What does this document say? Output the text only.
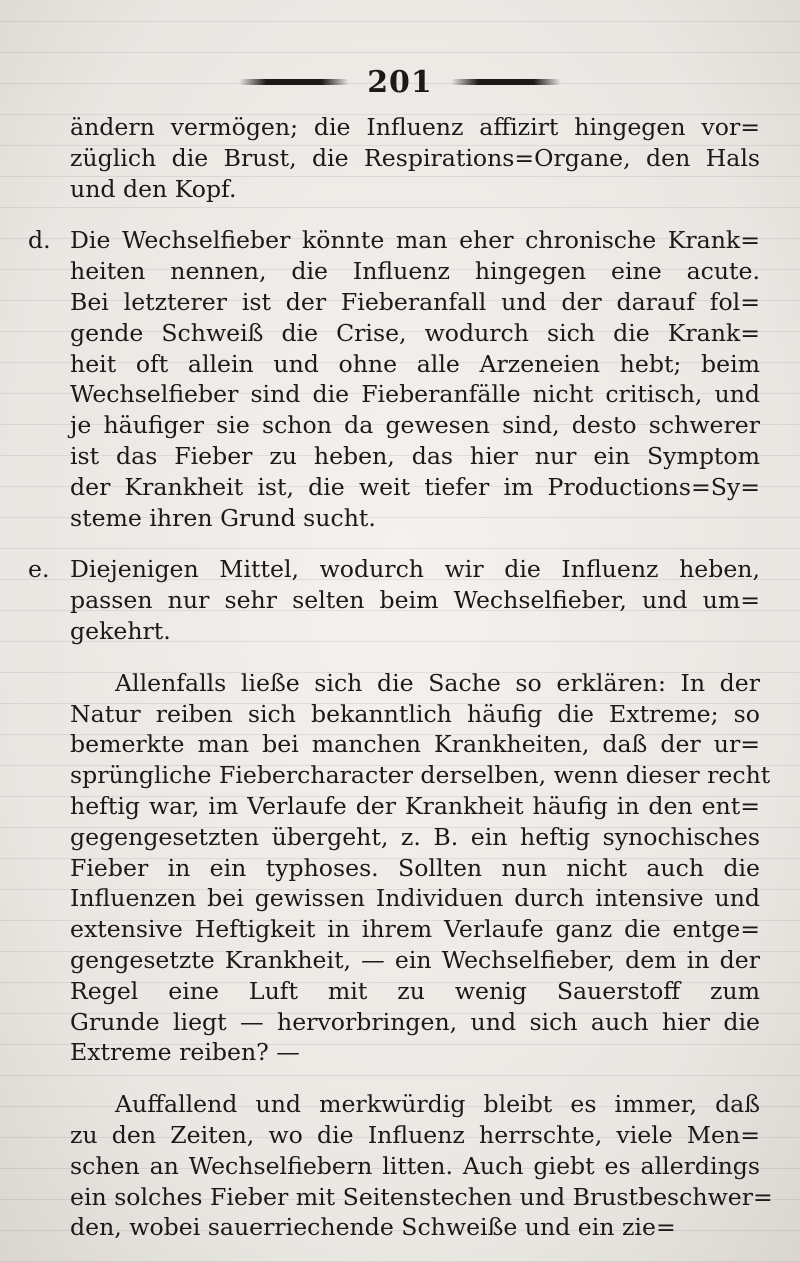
201
ändern vermögen; die Influenz affizirt hingegen vor=
züglich die Brust, die Respirations=Organe, den Hals
und den Kopf.
d. Die Wechselfieber könnte man eher chronische Krank=
heiten nennen, die Influenz hingegen eine acute.
Bei letzterer ist der Fieberanfall und der darauf fol=
gende Schweiß die Crise, wodurch sich die Krank=
heit oft allein und ohne alle Arzeneien hebt; beim
Wechselfieber sind die Fieberanfälle nicht critisch, und
je häufiger sie schon da gewesen sind, desto schwerer
ist das Fieber zu heben, das hier nur ein Symptom
der Krankheit ist, die weit tiefer im Productions=Sy=
steme ihren Grund sucht.
e. Diejenigen Mittel, wodurch wir die Influenz heben,
passen nur sehr selten beim Wechselfieber, und um=
gekehrt.
Allenfalls ließe sich die Sache so erklären: In der
Natur reiben sich bekanntlich häufig die Extreme; so
bemerkte man bei manchen Krankheiten, daß der ur=
sprüngliche Fiebercharacter derselben, wenn dieser recht
heftig war, im Verlaufe der Krankheit häufig in den ent=
gegengesetzten übergeht, z. B. ein heftig synochisches
Fieber in ein typhoses. Sollten nun nicht auch die
Influenzen bei gewissen Individuen durch intensive und
extensive Heftigkeit in ihrem Verlaufe ganz die entge=
gengesetzte Krankheit, — ein Wechselfieber, dem in der
Regel eine Luft mit zu wenig Sauerstoff zum
Grunde liegt — hervorbringen, und sich auch hier die
Extreme reiben? —
Auffallend und merkwürdig bleibt es immer, daß
zu den Zeiten, wo die Influenz herrschte, viele Men=
schen an Wechselfiebern litten. Auch giebt es allerdings
ein solches Fieber mit Seitenstechen und Brustbeschwer=
den, wobei sauerriechende Schweiße und ein zie=
